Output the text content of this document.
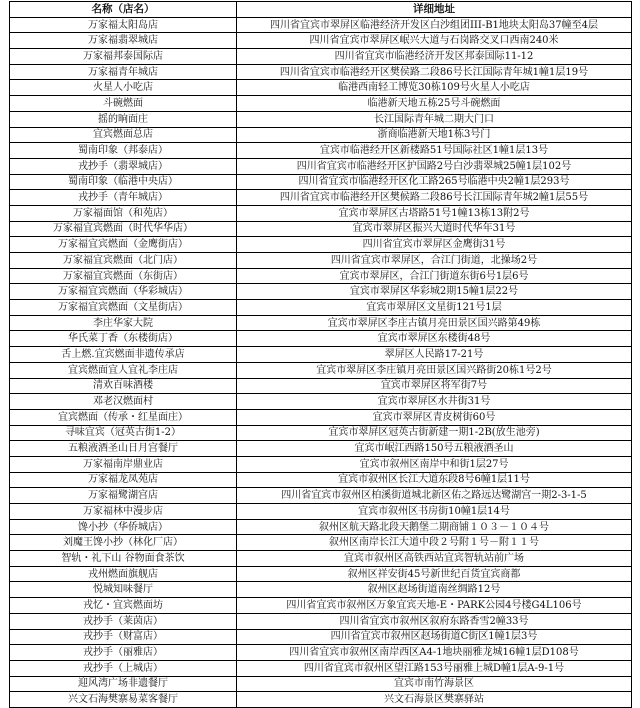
名称（店名）	详细地址
万家福太阳岛店	四川省宜宾市翠屏区临港经济开发区白沙组团III-B1地块太阳岛37幢至4层
万家福翡翠城店	四川省宜宾市翠屏区岷兴大道与石岗路交叉口西南240米
万家福邦泰国际店	四川省宜宾市临港经济开发区邦泰国际11-12
万家福青年城店	四川省宜宾市临港经开区樊侯路二段86号长江国际青年城1幢1层19号
火星人小吃店	临港西南轻工博览30栋109号火星人小吃店
斗碗燃面	临港新天地五栋25号斗碗燃面
摇的晌面庄	长江国际青年城二期大门口
宜宾燃面总店	浙商临港新天地1栋3号门
蜀南印象（邦泰店）	宜宾市临港经开区新楼路51号国际社区1幢1层13号
戎抄手（翡翠城店）	四川省宜宾市临港经开区护国路2号白沙翡翠城25幢1层102号
蜀南印象（临港中央店）	四川省宜宾市临港经开区化工路265号临港中央2幢1层293号
戎抄手（青年城店）	四川省宜宾市临港经开区樊候路二段86号长江国际青年城2幢1层55号
万家福面馆（和苑店）	宜宾市翠屏区古塔路51号1幢13栋13附2号
万家福宜宾燃面（时代华华店）	宜宾市翠屏区振兴大道时代华年31号
万家福宜宾燃面（金鹰街店）	四川省宜宾市翠屏区金鹰街31号
万家福宜宾燃面（北门店）	四川省宜宾市翠屏区，合江门街道，北操场2号
万家福宜宾燃面（东街店）	宜宾市翠屏区，合江门街道东街6号1层6号
万家福宜宾燃面（华彩城店）	宜宾市翠屏区华彩城2期15幢1层22号
万家福宜宾燃面（文星街店）	宜宾市翠屏区文星街121号1层
李庄华家大院	宜宾市翠屏区李庄古镇月亮田景区国兴路第49栋
华氏菜丁香（东楼街店）	宜宾市翠屏区东楼街48号
舌上燃.宜宾燃面非遗传承店	翠屏区人民路17-21号
宜宾燃面宜人宜礼李庄店	宜宾市翠屏区李庄镇月亮田景区国兴路街20栋1号2号
清欢百味酒楼	宜宾市翠屏区将军街7号
邓老汉燃面村	宜宾市翠屏区水井街31号
宜宾燃面（传承・红星面庄）	宜宾市翠屏区青皮树街60号
寻味宜宾（冠英古街1-2）	宜宾市翠屏区冠英古街新建一期1-2B(放生池旁)
五粮液酒圣山日月宫餐厅	宜宾市岷江西路150号五粮液酒圣山
万家福南岸鼎业店	宜宾市叙州区南岸中和街1层27号
万家福龙凤苑店	宜宾市叙州区长江大道东段8号6幢1层11号
万家福鹭湖宫店	四川省宜宾市叙州区柏溪街道城北新区佑之路远达鹭湖宫一期2-3-1-5
万家福林中漫步店	宜宾市叙州区书房街10幢1层14号
馋小抄（华侨城店）	叙州区航天路北段天鹅堡二期商铺１０３－１０４号
刘魔王馋小抄（林化厂店）	叙州区南岸长江大道中段２号附１号－附１１号
智轨・礼下山 谷物面食茶饮	宜宾市叙州区高铁西站宜宾智轨站前广场
戎州燃面旗舰店	叙州区祥安街45号新世纪百货宜宾商都
悦城知味餐厅	叙州区赵场街道南丝绸路12号
戎忆・宜宾燃面坊	四川省宜宾市叙州区万象宜宾天地-E・PARK公园4号楼G4L106号
戎抄手（莱茵店）	四川省宜宾市叙州区叙府东路香雪2幢33号
戎抄手（财富店）	四川省宜宾市叙州区赵场街道C街区1幢1层3号
戎抄手（丽雅店）	四川省宜宾市叙州区南岸西区A4-1地块丽雅龙城16幢1层D108号
戎抄手（上城店）	四川省宜宾市叙州区望江路153号丽雅上城D幢1层A-9-1号
迎风湾广场非遗餐厅	宜宾市南竹海景区
兴文石海樊寨易菜客餐厅	兴文石海景区樊寨驿站
